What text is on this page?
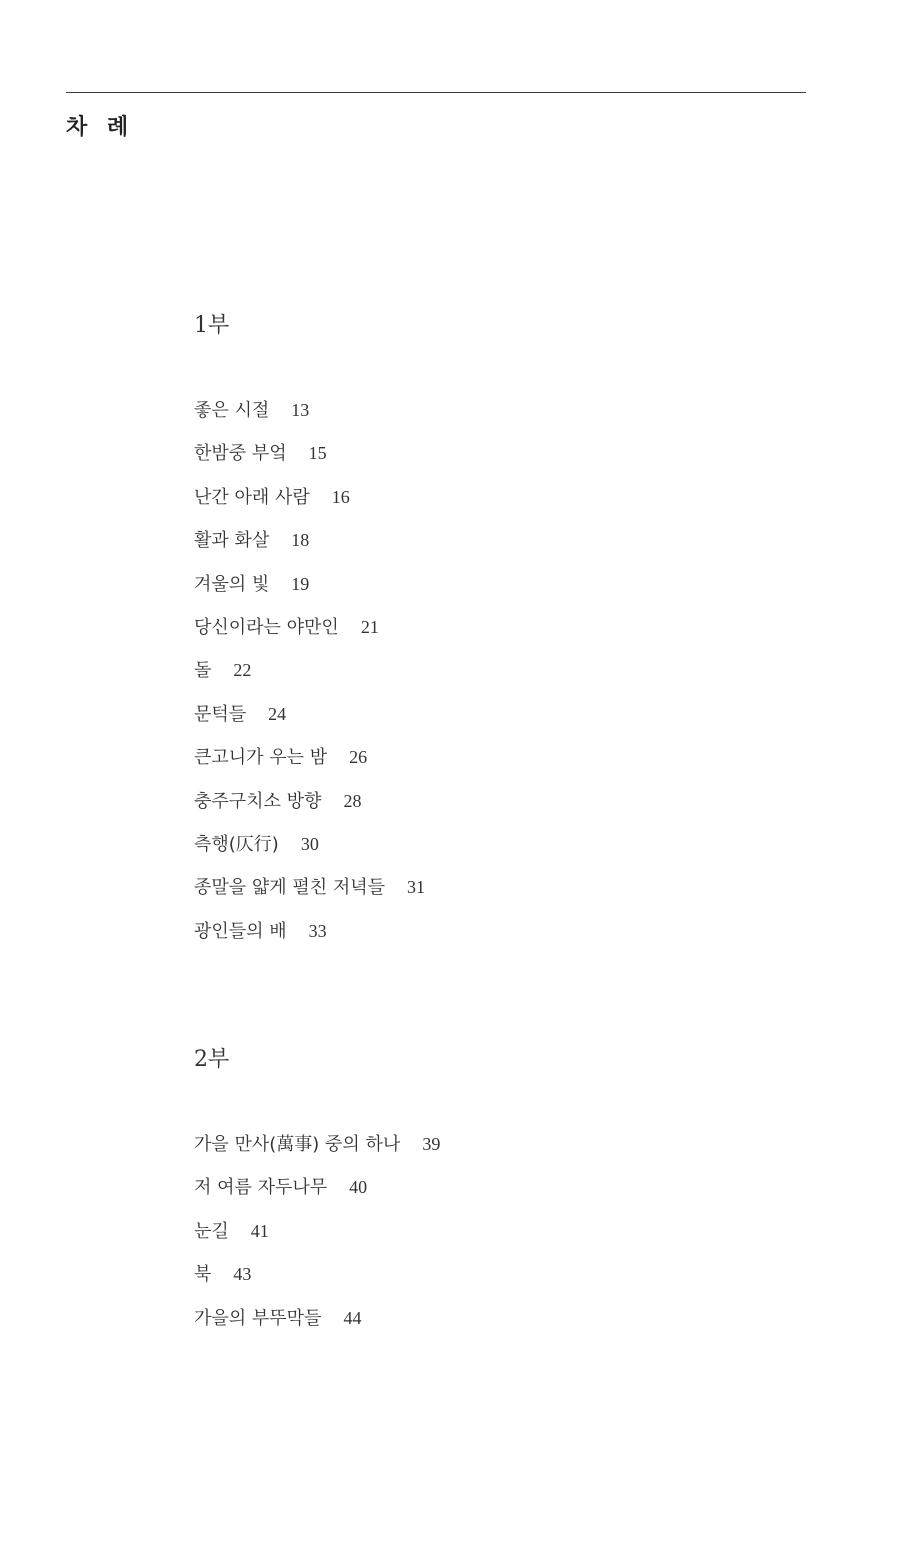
차 례
1부
좋은 시절 13
한밤중 부엌 15
난간 아래 사람 16
활과 화살 18
겨울의 빛 19
당신이라는 야만인 21
돌 22
문턱들 24
큰고니가 우는 밤 26
충주구치소 방향 28
측행(仄行) 30
종말을 얇게 펼친 저녁들 31
광인들의 배 33
2부
가을 만사(萬事) 중의 하나 39
저 여름 자두나무 40
눈길 41
북 43
가을의 부뚜막들 44
